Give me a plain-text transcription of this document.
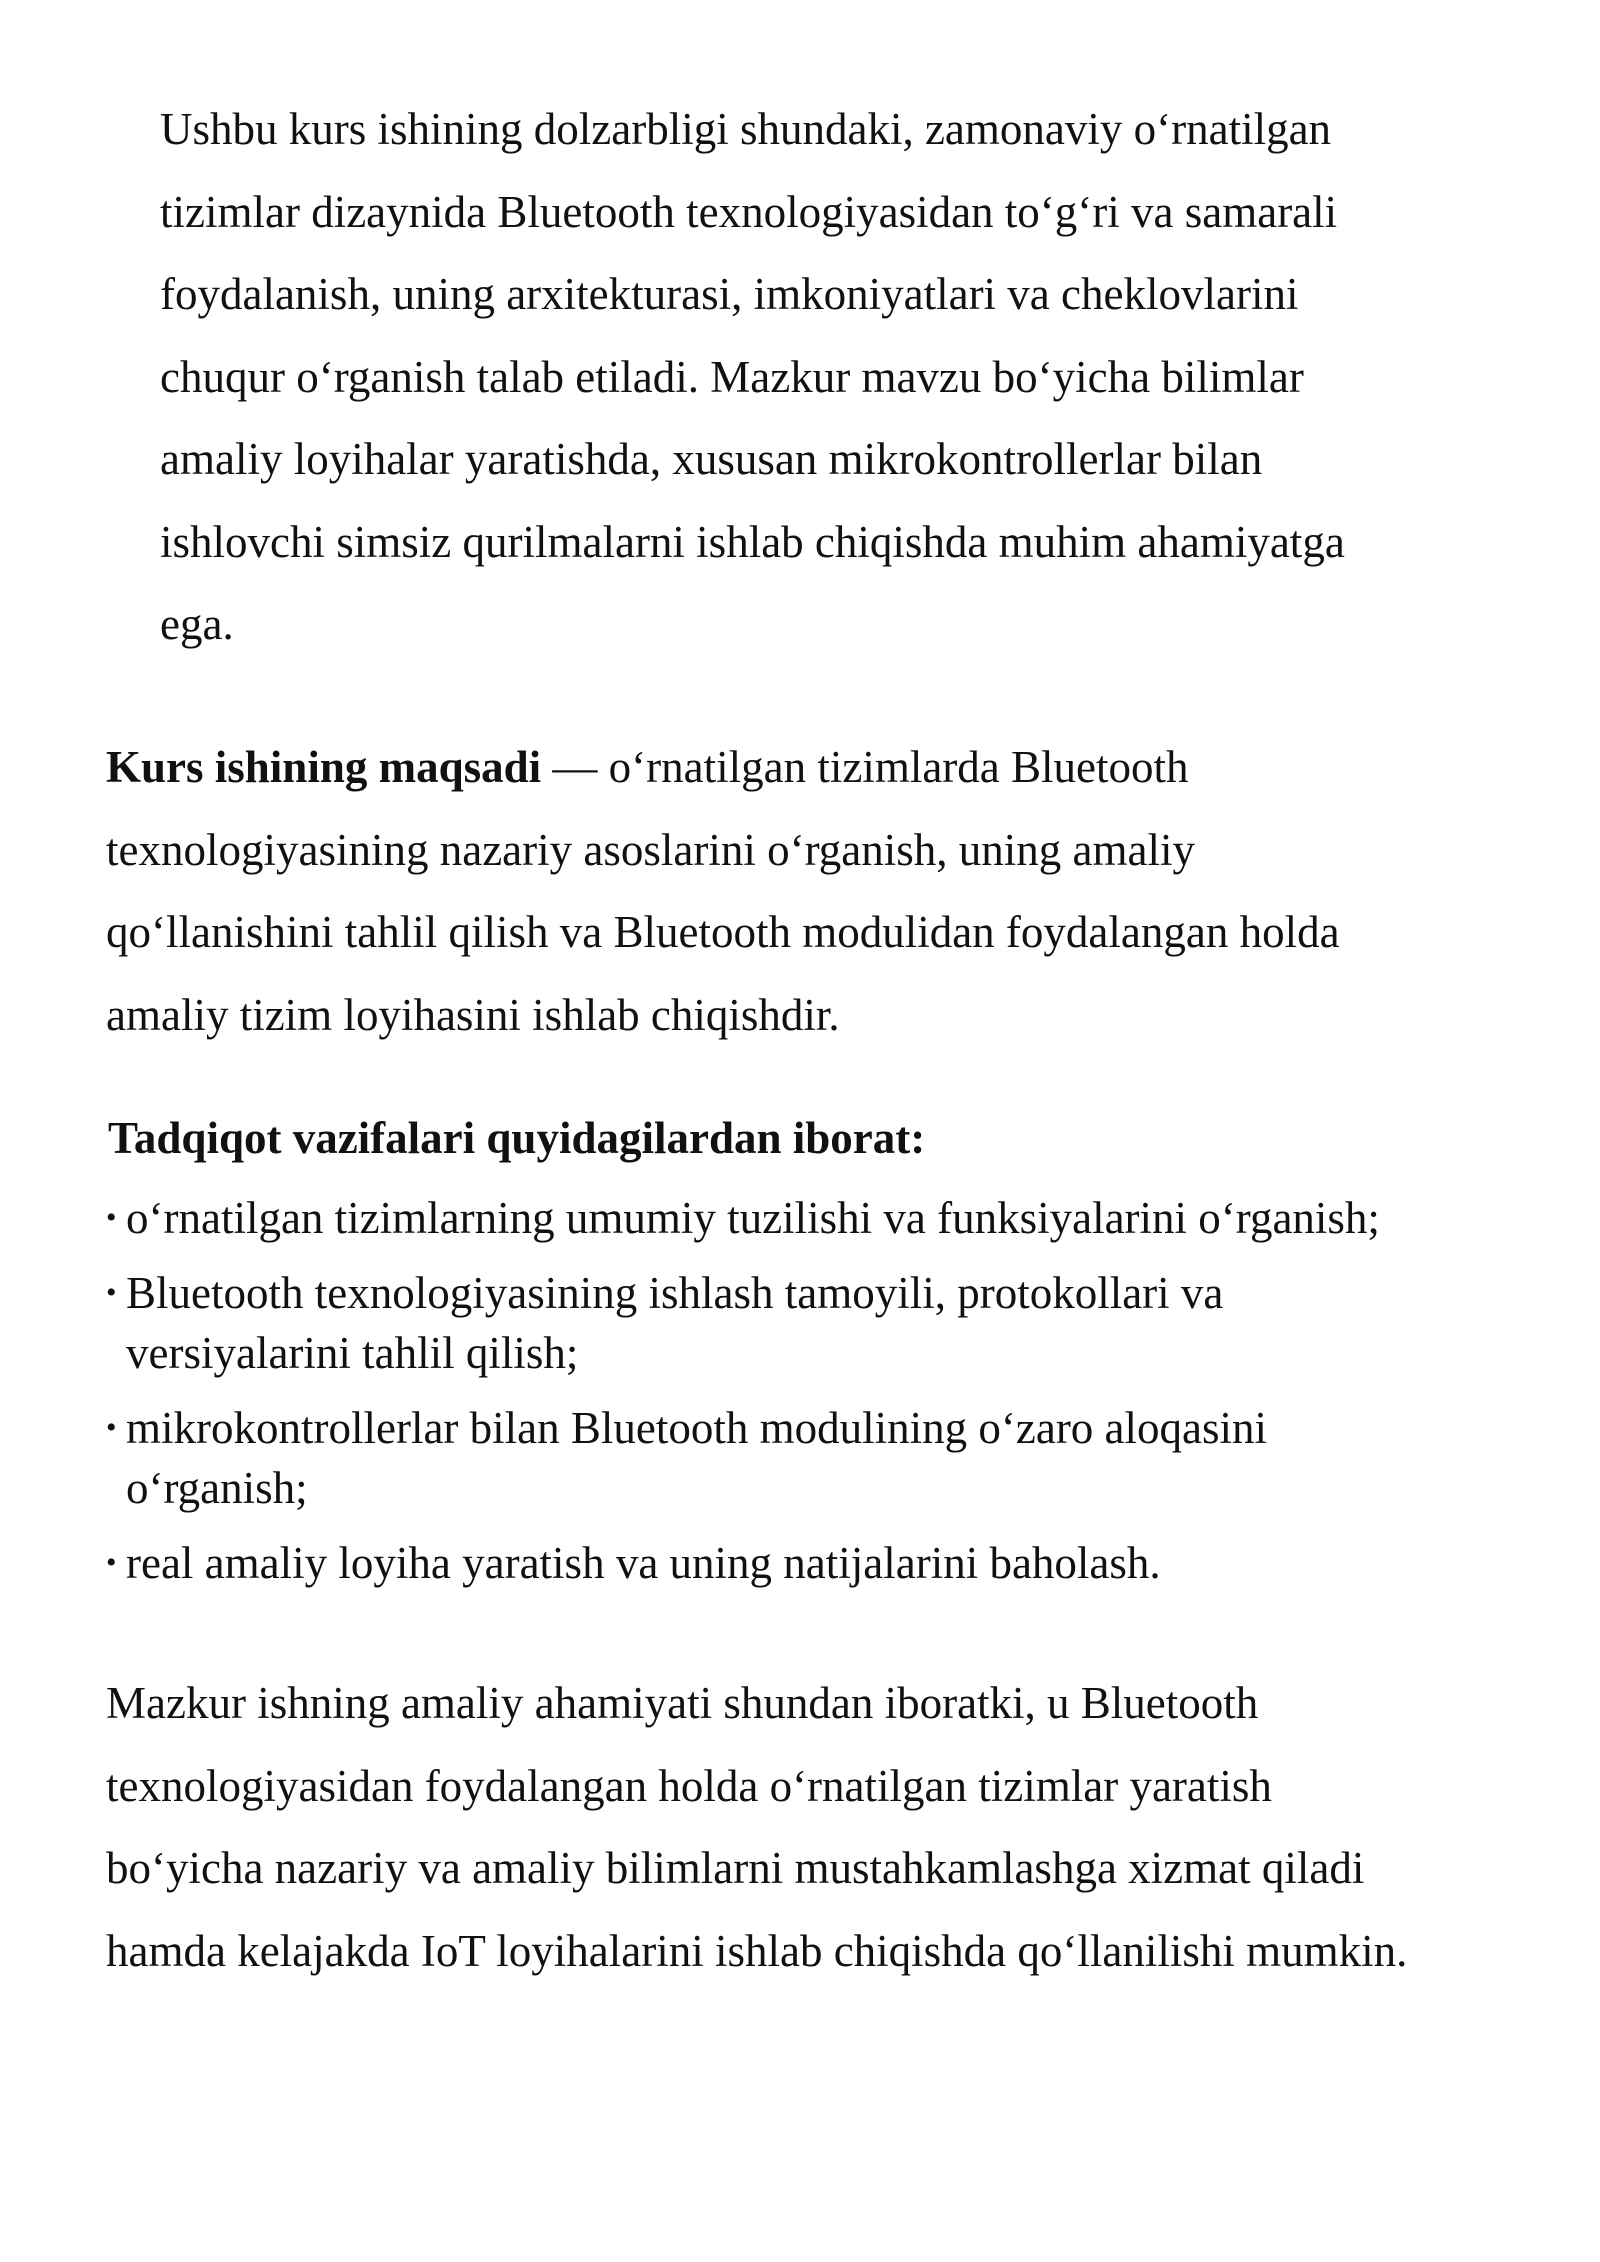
Ushbu kurs ishining dolzarbligi shundaki, zamonaviy o‘rnatilgan
tizimlar dizaynida Bluetooth texnologiyasidan to‘g‘ri va samarali
foydalanish, uning arxitekturasi, imkoniyatlari va cheklovlarini
chuqur o‘rganish talab etiladi. Mazkur mavzu bo‘yicha bilimlar
amaliy loyihalar yaratishda, xususan mikrokontrollerlar bilan
ishlovchi simsiz qurilmalarni ishlab chiqishda muhim ahamiyatga
ega.
Kurs ishining maqsadi — o‘rnatilgan tizimlarda Bluetooth
texnologiyasining nazariy asoslarini o‘rganish, uning amaliy
qo‘llanishini tahlil qilish va Bluetooth modulidan foydalangan holda
amaliy tizim loyihasini ishlab chiqishdir.
Tadqiqot vazifalari quyidagilardan iborat:
• o‘rnatilgan tizimlarning umumiy tuzilishi va funksiyalarini o‘rganish;
• Bluetooth texnologiyasining ishlash tamoyili, protokollari va
versiyalarini tahlil qilish;
• mikrokontrollerlar bilan Bluetooth modulining o‘zaro aloqasini
o‘rganish;
• real amaliy loyiha yaratish va uning natijalarini baholash.
Mazkur ishning amaliy ahamiyati shundan iboratki, u Bluetooth
texnologiyasidan foydalangan holda o‘rnatilgan tizimlar yaratish
bo‘yicha nazariy va amaliy bilimlarni mustahkamlashga xizmat qiladi
hamda kelajakda IoT loyihalarini ishlab chiqishda qo‘llanilishi mumkin.
